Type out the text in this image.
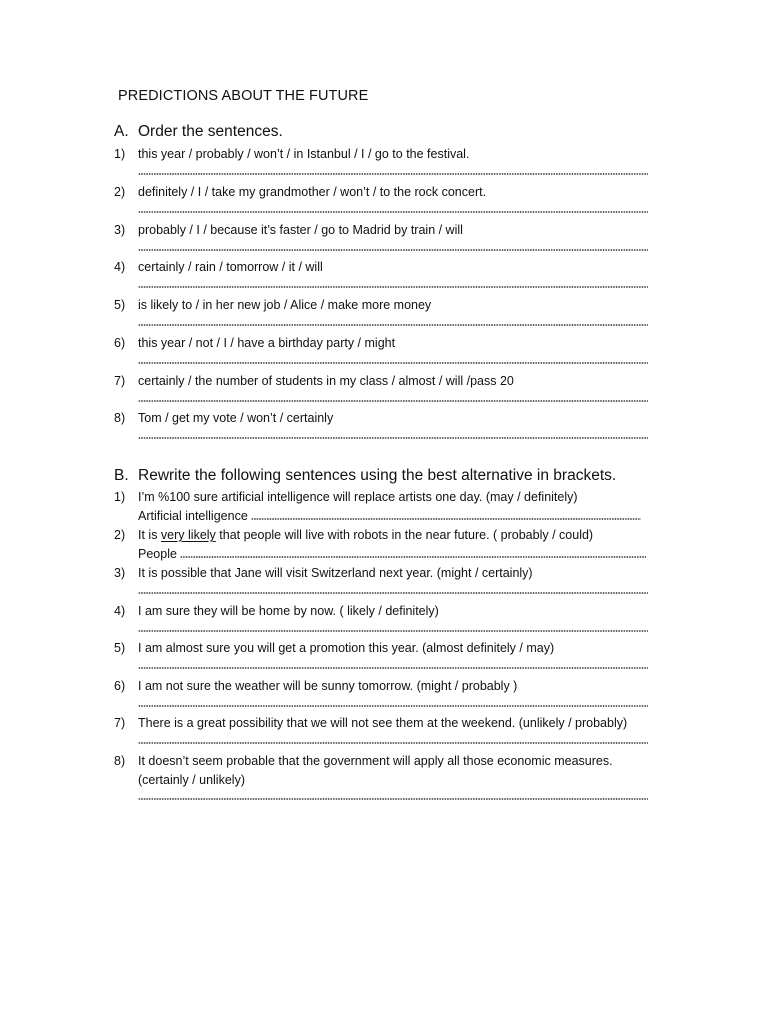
PREDICTIONS ABOUT THE FUTURE
A. Order the sentences.
1)	this year / probably / won’t / in Istanbul / I / go to the festival.
2)	definitely / I / take my grandmother / won’t / to the rock concert.
3)	probably / I / because it’s faster / go to Madrid by train / will
4)	certainly / rain / tomorrow / it / will
5)	is likely to / in her new job / Alice / make more money
6)	this year / not / I / have a birthday party / might
7)	certainly / the number of students in my class / almost / will /pass 20
8)	Tom / get my vote / won’t / certainly
B. Rewrite the following sentences using the best alternative in brackets.
1)	I’m %100 sure artificial intelligence will replace artists one day. (may / definitely)
Artificial intelligence
2)	It is very likely that people will live with robots in the near future. ( probably / could)
People
3)	It is possible that Jane will visit Switzerland next year. (might / certainly)
4)	I am sure they will be home by now. ( likely / definitely)
5)	I am almost sure you will get a promotion this year. (almost definitely / may)
6)	I am not sure the weather will be sunny tomorrow. (might / probably )
7)	There is a great possibility that we will not see them at the weekend. (unlikely / probably)
8)	It doesn’t seem probable that the government will apply all those economic measures.
(certainly / unlikely)
